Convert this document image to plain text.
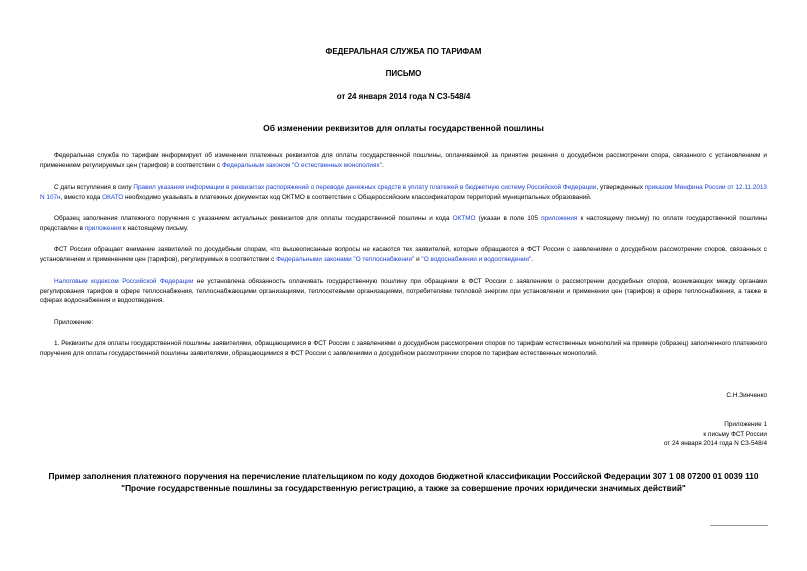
ФЕДЕРАЛЬНАЯ СЛУЖБА ПО ТАРИФАМ
ПИСЬМО
от 24 января 2014 года N СЗ-548/4
Об изменении реквизитов для оплаты государственной пошлины
Федеральная служба по тарифам информирует об изменении платежных реквизитов для оплаты государственной пошлины, оплачиваемой за принятие решения о досудебном рассмотрении спора, связанного с установлением и применением регулируемых цен (тарифов) в соответствии с Федеральным законом "О естественных монополиях".
С даты вступления в силу Правил указания информации в реквизитах распоряжений о переводе денежных средств в уплату платежей в бюджетную систему Российской Федерации, утвержденных приказом Минфина России от 12.11.2013 N 107н, вместо кода ОКАТО необходимо указывать в платежных документах код ОКТМО в соответствии с Общероссийским классификатором территорий муниципальных образований.
Образец заполнения платежного поручения с указанием актуальных реквизитов для оплаты государственной пошлины и кода ОКТМО (указан в поле 105 приложения к настоящему письму) по оплате государственной пошлины представлен в приложении к настоящему письму.
ФСТ России обращает внимание заявителей по досудебным спорам, что вышеописанные вопросы не касаются тех заявителей, которые обращаются в ФСТ России с заявлениями о досудебном рассмотрении споров, связанных с установлением и применением цен (тарифов), регулируемых в соответствии с Федеральными законами "О теплоснабжении" и "О водоснабжении и водоотведении".
Налоговым кодексом Российской Федерации не установлена обязанность оплачивать государственную пошлину при обращении в ФСТ России с заявлением о рассмотрении досудебных споров, возникающих между органами регулирования тарифов в сфере теплоснабжения, теплоснабжающими организациями, теплосетевыми организациями, потребителями тепловой энергии при установлении и применении цен (тарифов) в сфере теплоснабжения, а также в сферах водоснабжения и водоотведения.
Приложение:
1. Реквизиты для оплаты государственной пошлины заявителями, обращающимися в ФСТ России с заявлениями о досудебном рассмотрении споров по тарифам естественных монополий на примере (образец) заполненного платежного поручения для оплаты государственной пошлины заявителями, обращающимися в ФСТ России с заявлениями о досудебном рассмотрении споров по тарифам естественных монополий.
С.Н.Зинченко
Приложение 1
к письму ФСТ России
от 24 января 2014 года N СЗ-548/4
Пример заполнения платежного поручения на перечисление плательщиком по коду доходов бюджетной классификации Российской Федерации 307 1 08 07200 01 0039 110 "Прочие государственные пошлины за государственную регистрацию, а также за совершение прочих юридически значимых действий"
